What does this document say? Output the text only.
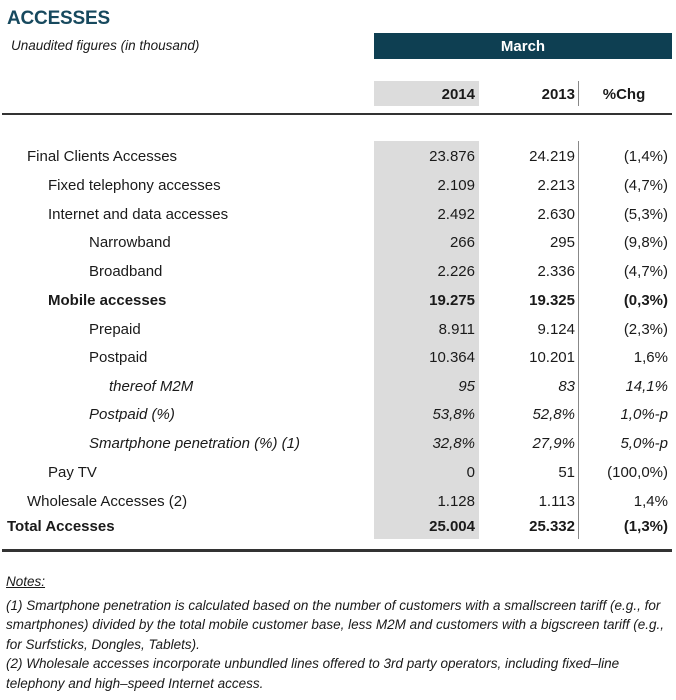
ACCESSES
Unaudited figures (in thousand)	March
2014	2013	%Chg
Final Clients Accesses	23.876	24.219	(1,4%)
Fixed telephony accesses	2.109	2.213	(4,7%)
Internet and data accesses	2.492	2.630	(5,3%)
Narrowband	266	295	(9,8%)
Broadband	2.226	2.336	(4,7%)
Mobile accesses	19.275	19.325	(0,3%)
Prepaid	8.911	9.124	(2,3%)
Postpaid	10.364	10.201	1,6%
thereof M2M	95	83	14,1%
Postpaid (%)	53,8%	52,8%	1,0%-p
Smartphone penetration (%) (1)	32,8%	27,9%	5,0%-p
Pay TV	0	51	(100,0%)
Wholesale Accesses (2)	1.128	1.113	1,4%
Total Accesses	25.004	25.332	(1,3%)
Notes:

(1) Smartphone penetration is calculated based on the number of customers with a smallscreen tariff (e.g., for smartphones) divided by the total mobile customer base, less M2M and customers with a bigscreen tariff (e.g., for Surfsticks, Dongles, Tablets).

(2) Wholesale accesses incorporate unbundled lines offered to 3rd party operators, including fixed–line telephony and high–speed Internet access.
